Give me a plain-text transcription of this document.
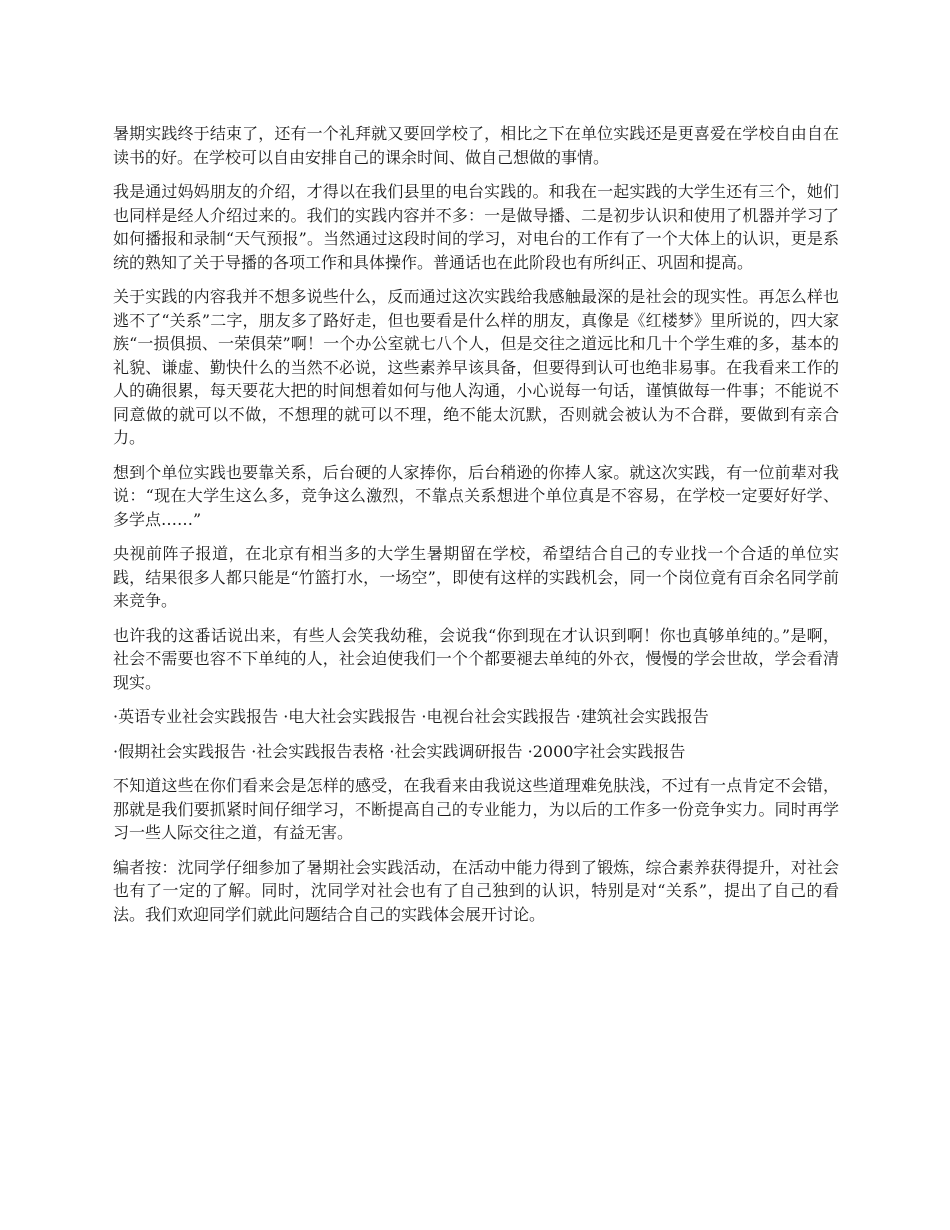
暑期实践终于结束了，还有一个礼拜就又要回学校了，相比之下在单位实践还是更喜爱在学校自由自在读书的好。在学校可以自由安排自己的课余时间、做自己想做的事情。

我是通过妈妈朋友的介绍，才得以在我们县里的电台实践的。和我在一起实践的大学生还有三个，她们也同样是经人介绍过来的。我们的实践内容并不多：一是做导播、二是初步认识和使用了机器并学习了如何播报和录制“天气预报”。当然通过这段时间的学习，对电台的工作有了一个大体上的认识，更是系统的熟知了关于导播的各项工作和具体操作。普通话也在此阶段也有所纠正、巩固和提高。

关于实践的内容我并不想多说些什么，反而通过这次实践给我感触最深的是社会的现实性。再怎么样也逃不了“关系”二字，朋友多了路好走，但也要看是什么样的朋友，真像是《红楼梦》里所说的，四大家族“一损俱损、一荣俱荣”啊！一个办公室就七八个人，但是交往之道远比和几十个学生难的多，基本的礼貌、谦虚、勤快什么的当然不必说，这些素养早该具备，但要得到认可也绝非易事。在我看来工作的人的确很累，每天要花大把的时间想着如何与他人沟通，小心说每一句话，谨慎做每一件事；不能说不同意做的就可以不做，不想理的就可以不理，绝不能太沉默，否则就会被认为不合群，要做到有亲合力。

想到个单位实践也要靠关系，后台硬的人家捧你，后台稍逊的你捧人家。就这次实践，有一位前辈对我说：“现在大学生这么多，竞争这么激烈，不靠点关系想进个单位真是不容易，在学校一定要好好学、多学点……”

央视前阵子报道，在北京有相当多的大学生暑期留在学校，希望结合自己的专业找一个合适的单位实践，结果很多人都只能是“竹篮打水，一场空”，即使有这样的实践机会，同一个岗位竟有百余名同学前来竞争。

也许我的这番话说出来，有些人会笑我幼稚，会说我“你到现在才认识到啊！你也真够单纯的。”是啊，社会不需要也容不下单纯的人，社会迫使我们一个个都要褪去单纯的外衣，慢慢的学会世故，学会看清现实。

·英语专业社会实践报告 ·电大社会实践报告 ·电视台社会实践报告 ·建筑社会实践报告
·假期社会实践报告 ·社会实践报告表格 ·社会实践调研报告 ·2000字社会实践报告

不知道这些在你们看来会是怎样的感受，在我看来由我说这些道理难免肤浅，不过有一点肯定不会错，那就是我们要抓紧时间仔细学习，不断提高自己的专业能力，为以后的工作多一份竞争实力。同时再学习一些人际交往之道，有益无害。

编者按：沈同学仔细参加了暑期社会实践活动，在活动中能力得到了锻炼，综合素养获得提升，对社会也有了一定的了解。同时，沈同学对社会也有了自己独到的认识，特别是对“关系”，提出了自己的看法。我们欢迎同学们就此问题结合自己的实践体会展开讨论。
